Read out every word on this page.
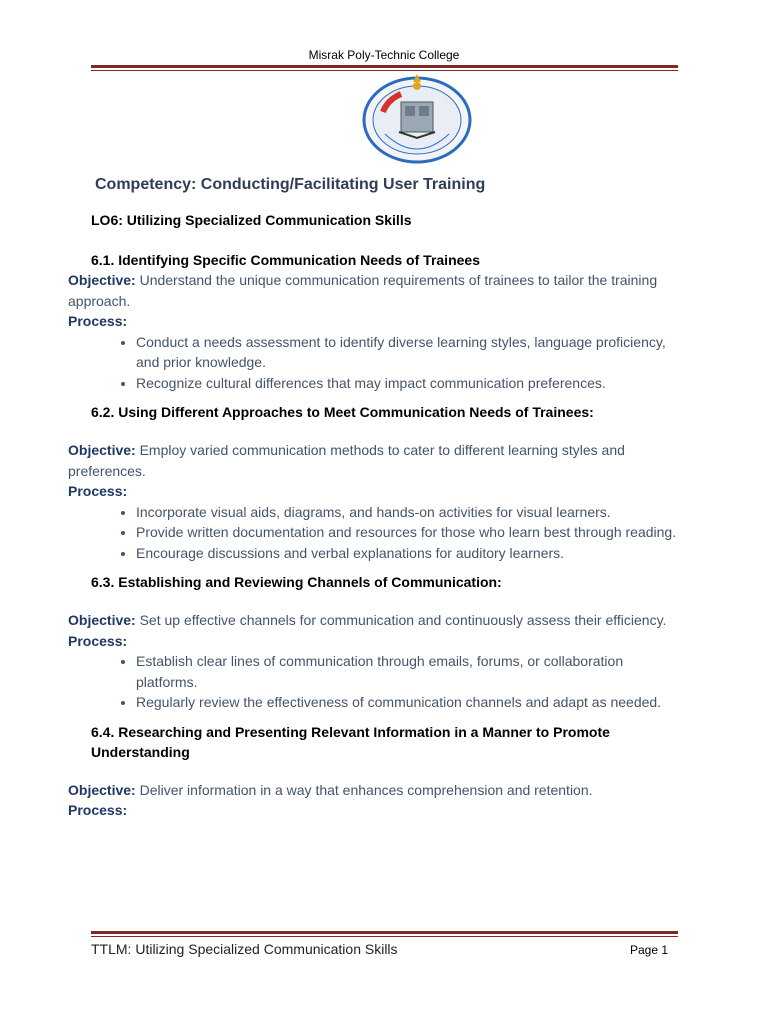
Misrak Poly-Technic College
Competency: Conducting/Facilitating User Training
LO6: Utilizing Specialized Communication Skills
6.1. Identifying Specific Communication Needs of Trainees
Objective: Understand the unique communication requirements of trainees to tailor the training approach.
Process:
• Conduct a needs assessment to identify diverse learning styles, language proficiency, and prior knowledge.
• Recognize cultural differences that may impact communication preferences.
6.2. Using Different Approaches to Meet Communication Needs of Trainees:
Objective: Employ varied communication methods to cater to different learning styles and preferences.
Process:
• Incorporate visual aids, diagrams, and hands-on activities for visual learners.
• Provide written documentation and resources for those who learn best through reading.
• Encourage discussions and verbal explanations for auditory learners.
6.3. Establishing and Reviewing Channels of Communication:
Objective: Set up effective channels for communication and continuously assess their efficiency.
Process:
• Establish clear lines of communication through emails, forums, or collaboration platforms.
• Regularly review the effectiveness of communication channels and adapt as needed.
6.4. Researching and Presenting Relevant Information in a Manner to Promote Understanding
Objective: Deliver information in a way that enhances comprehension and retention.
Process:
TTLM: Utilizing Specialized Communication Skills	Page 1
